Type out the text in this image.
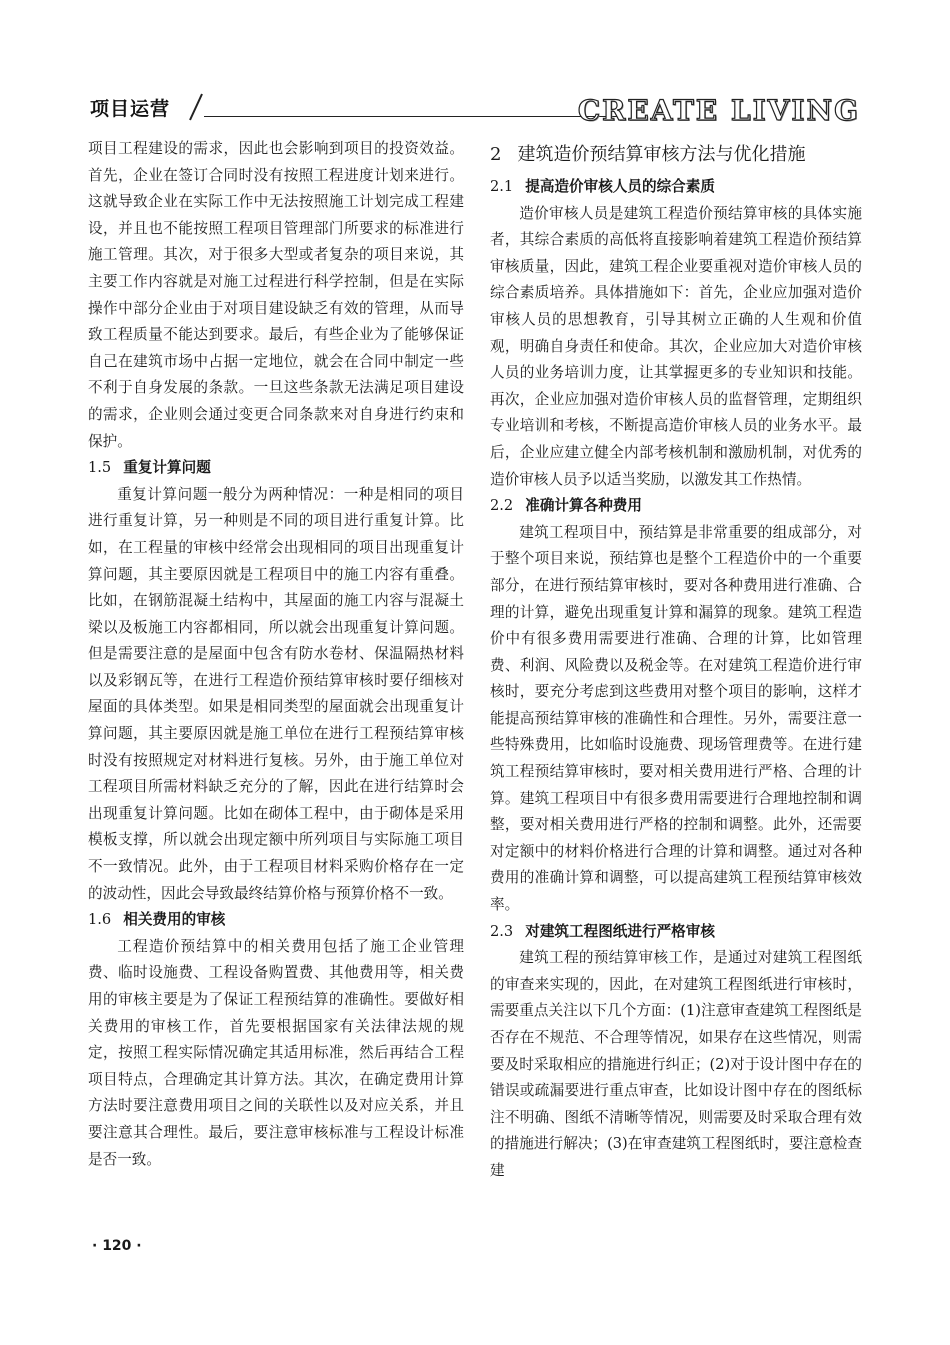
项目运营	CREATE LIVING

项目工程建设的需求，因此也会影响到项目的投资效益。首先，企业在签订合同时没有按照工程进度计划来进行。这就导致企业在实际工作中无法按照施工计划完成工程建设，并且也不能按照工程项目管理部门所要求的标准进行施工管理。其次，对于很多大型或者复杂的项目来说，其主要工作内容就是对施工过程进行科学控制，但是在实际操作中部分企业由于对项目建设缺乏有效的管理，从而导致工程质量不能达到要求。最后，有些企业为了能够保证自己在建筑市场中占据一定地位，就会在合同中制定一些不利于自身发展的条款。一旦这些条款无法满足项目建设的需求，企业则会通过变更合同条款来对自身进行约束和保护。

1.5 重复计算问题

重复计算问题一般分为两种情况：一种是相同的项目进行重复计算，另一种则是不同的项目进行重复计算。比如，在工程量的审核中经常会出现相同的项目出现重复计算问题，其主要原因就是工程项目中的施工内容有重叠。比如，在钢筋混凝土结构中，其屋面的施工内容与混凝土梁以及板施工内容都相同，所以就会出现重复计算问题。但是需要注意的是屋面中包含有防水卷材、保温隔热材料以及彩钢瓦等，在进行工程造价预结算审核时要仔细核对屋面的具体类型。如果是相同类型的屋面就会出现重复计算问题，其主要原因就是施工单位在进行工程预结算审核时没有按照规定对材料进行复核。另外，由于施工单位对工程项目所需材料缺乏充分的了解，因此在进行结算时会出现重复计算问题。比如在砌体工程中，由于砌体是采用模板支撑，所以就会出现定额中所列项目与实际施工项目不一致情况。此外，由于工程项目材料采购价格存在一定的波动性，因此会导致最终结算价格与预算价格不一致。

1.6 相关费用的审核

工程造价预结算中的相关费用包括了施工企业管理费、临时设施费、工程设备购置费、其他费用等，相关费用的审核主要是为了保证工程预结算的准确性。要做好相关费用的审核工作，首先要根据国家有关法律法规的规定，按照工程实际情况确定其适用标准，然后再结合工程项目特点，合理确定其计算方法。其次，在确定费用计算方法时要注意费用项目之间的关联性以及对应关系，并且要注意其合理性。最后，要注意审核标准与工程设计标准是否一致。

2 建筑造价预结算审核方法与优化措施
2.1 提高造价审核人员的综合素质

造价审核人员是建筑工程造价预结算审核的具体实施者，其综合素质的高低将直接影响着建筑工程造价预结算审核质量，因此，建筑工程企业要重视对造价审核人员的综合素质培养。具体措施如下：首先，企业应加强对造价审核人员的思想教育，引导其树立正确的人生观和价值观，明确自身责任和使命。其次，企业应加大对造价审核人员的业务培训力度，让其掌握更多的专业知识和技能。再次，企业应加强对造价审核人员的监督管理，定期组织专业培训和考核，不断提高造价审核人员的业务水平。最后，企业应建立健全内部考核机制和激励机制，对优秀的造价审核人员予以适当奖励，以激发其工作热情。

2.2 准确计算各种费用

建筑工程项目中，预结算是非常重要的组成部分，对于整个项目来说，预结算也是整个工程造价中的一个重要部分，在进行预结算审核时，要对各种费用进行准确、合理的计算，避免出现重复计算和漏算的现象。建筑工程造价中有很多费用需要进行准确、合理的计算，比如管理费、利润、风险费以及税金等。在对建筑工程造价进行审核时，要充分考虑到这些费用对整个项目的影响，这样才能提高预结算审核的准确性和合理性。另外，需要注意一些特殊费用，比如临时设施费、现场管理费等。在进行建筑工程预结算审核时，要对相关费用进行严格、合理的计算。建筑工程项目中有很多费用需要进行合理地控制和调整，要对相关费用进行严格的控制和调整。此外，还需要对定额中的材料价格进行合理的计算和调整。通过对各种费用的准确计算和调整，可以提高建筑工程预结算审核效率。

2.3 对建筑工程图纸进行严格审核

建筑工程的预结算审核工作，是通过对建筑工程图纸的审查来实现的，因此，在对建筑工程图纸进行审核时，需要重点关注以下几个方面：(1)注意审查建筑工程图纸是否存在不规范、不合理等情况，如果存在这些情况，则需要及时采取相应的措施进行纠正；(2)对于设计图中存在的错误或疏漏要进行重点审查，比如设计图中存在的图纸标注不明确、图纸不清晰等情况，则需要及时采取合理有效的措施进行解决；(3)在审查建筑工程图纸时，要注意检查建

· 120 ·
